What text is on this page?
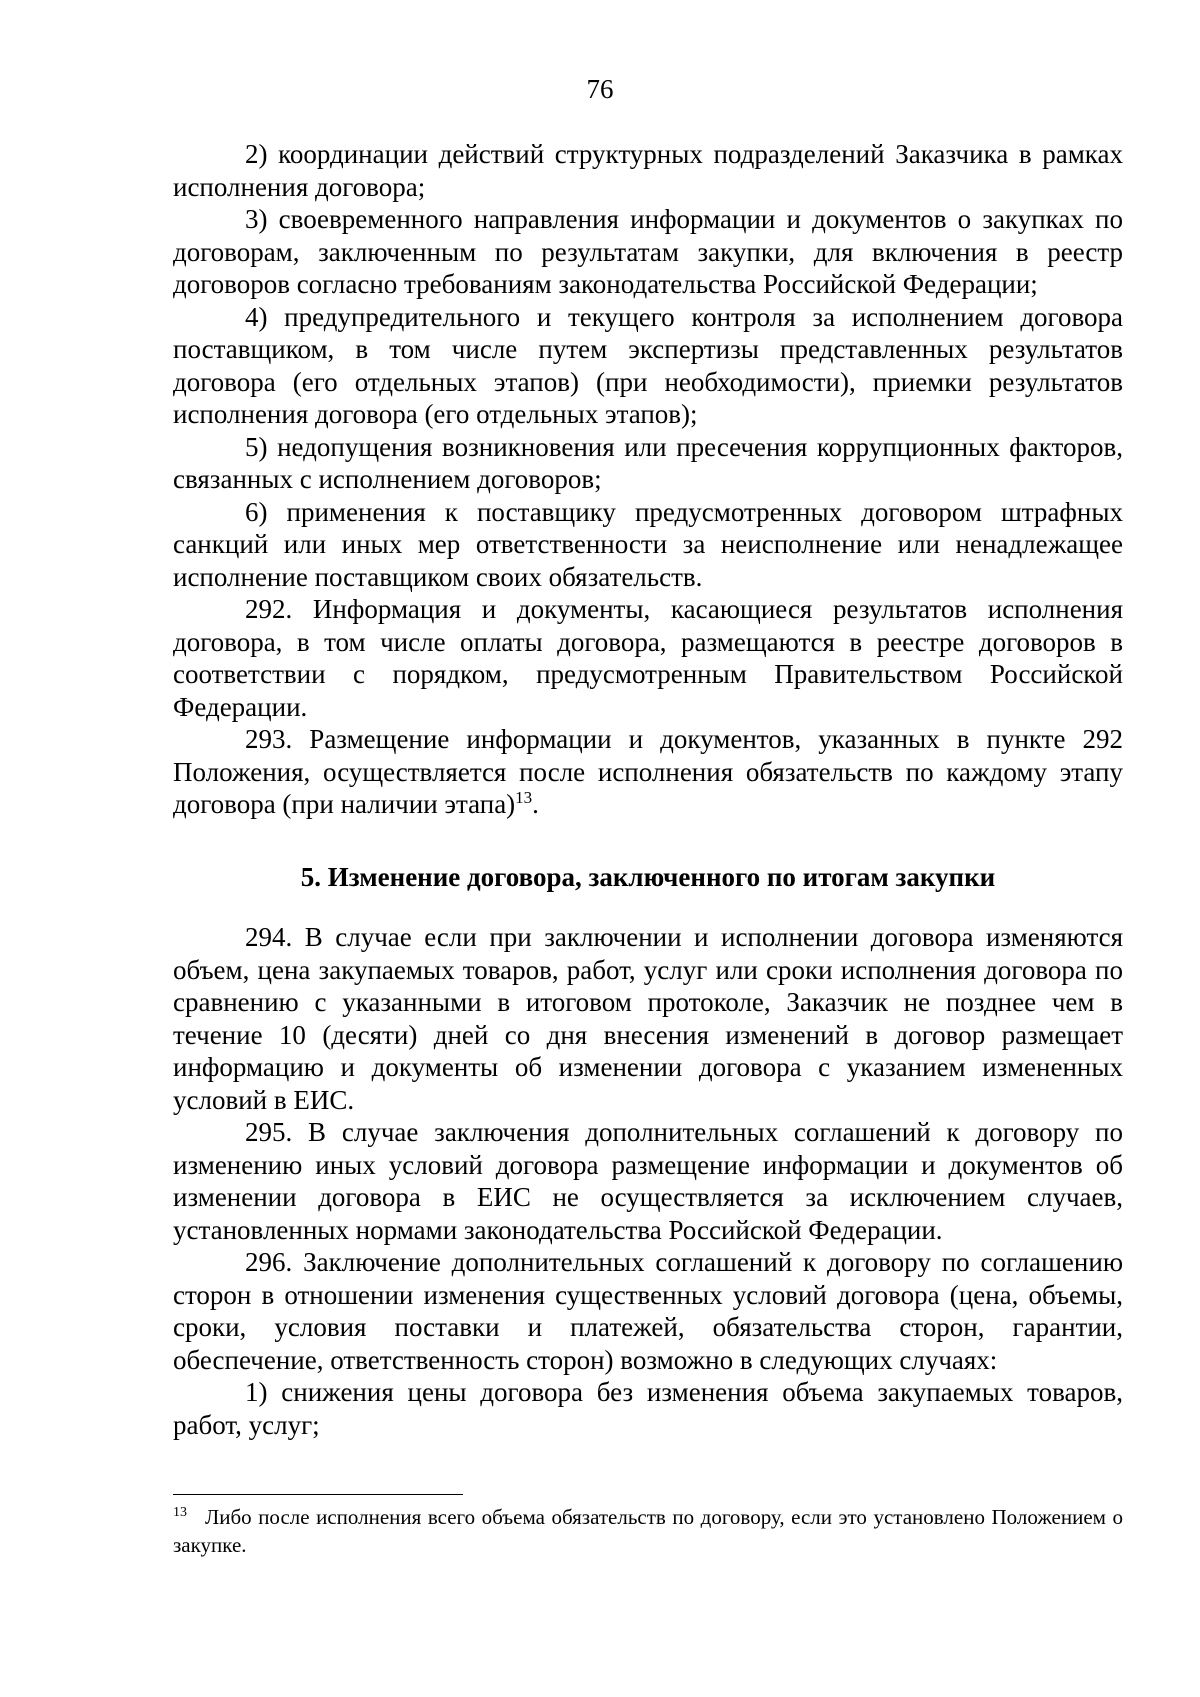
76

2) координации действий структурных подразделений Заказчика в рамках исполнения договора;

3) своевременного направления информации и документов о закупках по договорам, заключенным по результатам закупки, для включения в реестр договоров согласно требованиям законодательства Российской Федерации;

4) предупредительного и текущего контроля за исполнением договора поставщиком, в том числе путем экспертизы представленных результатов договора (его отдельных этапов) (при необходимости), приемки результатов исполнения договора (его отдельных этапов);

5) недопущения возникновения или пресечения коррупционных факторов, связанных с исполнением договоров;

6) применения к поставщику предусмотренных договором штрафных санкций или иных мер ответственности за неисполнение или ненадлежащее исполнение поставщиком своих обязательств.

292. Информация и документы, касающиеся результатов исполнения договора, в том числе оплаты договора, размещаются в реестре договоров в соответствии с порядком, предусмотренным Правительством Российской Федерации.

293. Размещение информации и документов, указанных в пункте 292 Положения, осуществляется после исполнения обязательств по каждому этапу договора (при наличии этапа)$^{13}$.

5. Изменение договора, заключенного по итогам закупки

294. В случае если при заключении и исполнении договора изменяются объем, цена закупаемых товаров, работ, услуг или сроки исполнения договора по сравнению с указанными в итоговом протоколе, Заказчик не позднее чем в течение 10 (десяти) дней со дня внесения изменений в договор размещает информацию и документы об изменении договора с указанием измененных условий в ЕИС.

295. В случае заключения дополнительных соглашений к договору по изменению иных условий договора размещение информации и документов об изменении договора в ЕИС не осуществляется за исключением случаев, установленных нормами законодательства Российской Федерации.

296. Заключение дополнительных соглашений к договору по соглашению сторон в отношении изменения существенных условий договора (цена, объемы, сроки, условия поставки и платежей, обязательства сторон, гарантии, обеспечение, ответственность сторон) возможно в следующих случаях:

1) снижения цены договора без изменения объема закупаемых товаров, работ, услуг;

$^{13}$ Либо после исполнения всего объема обязательств по договору, если это установлено Положением о закупке.
